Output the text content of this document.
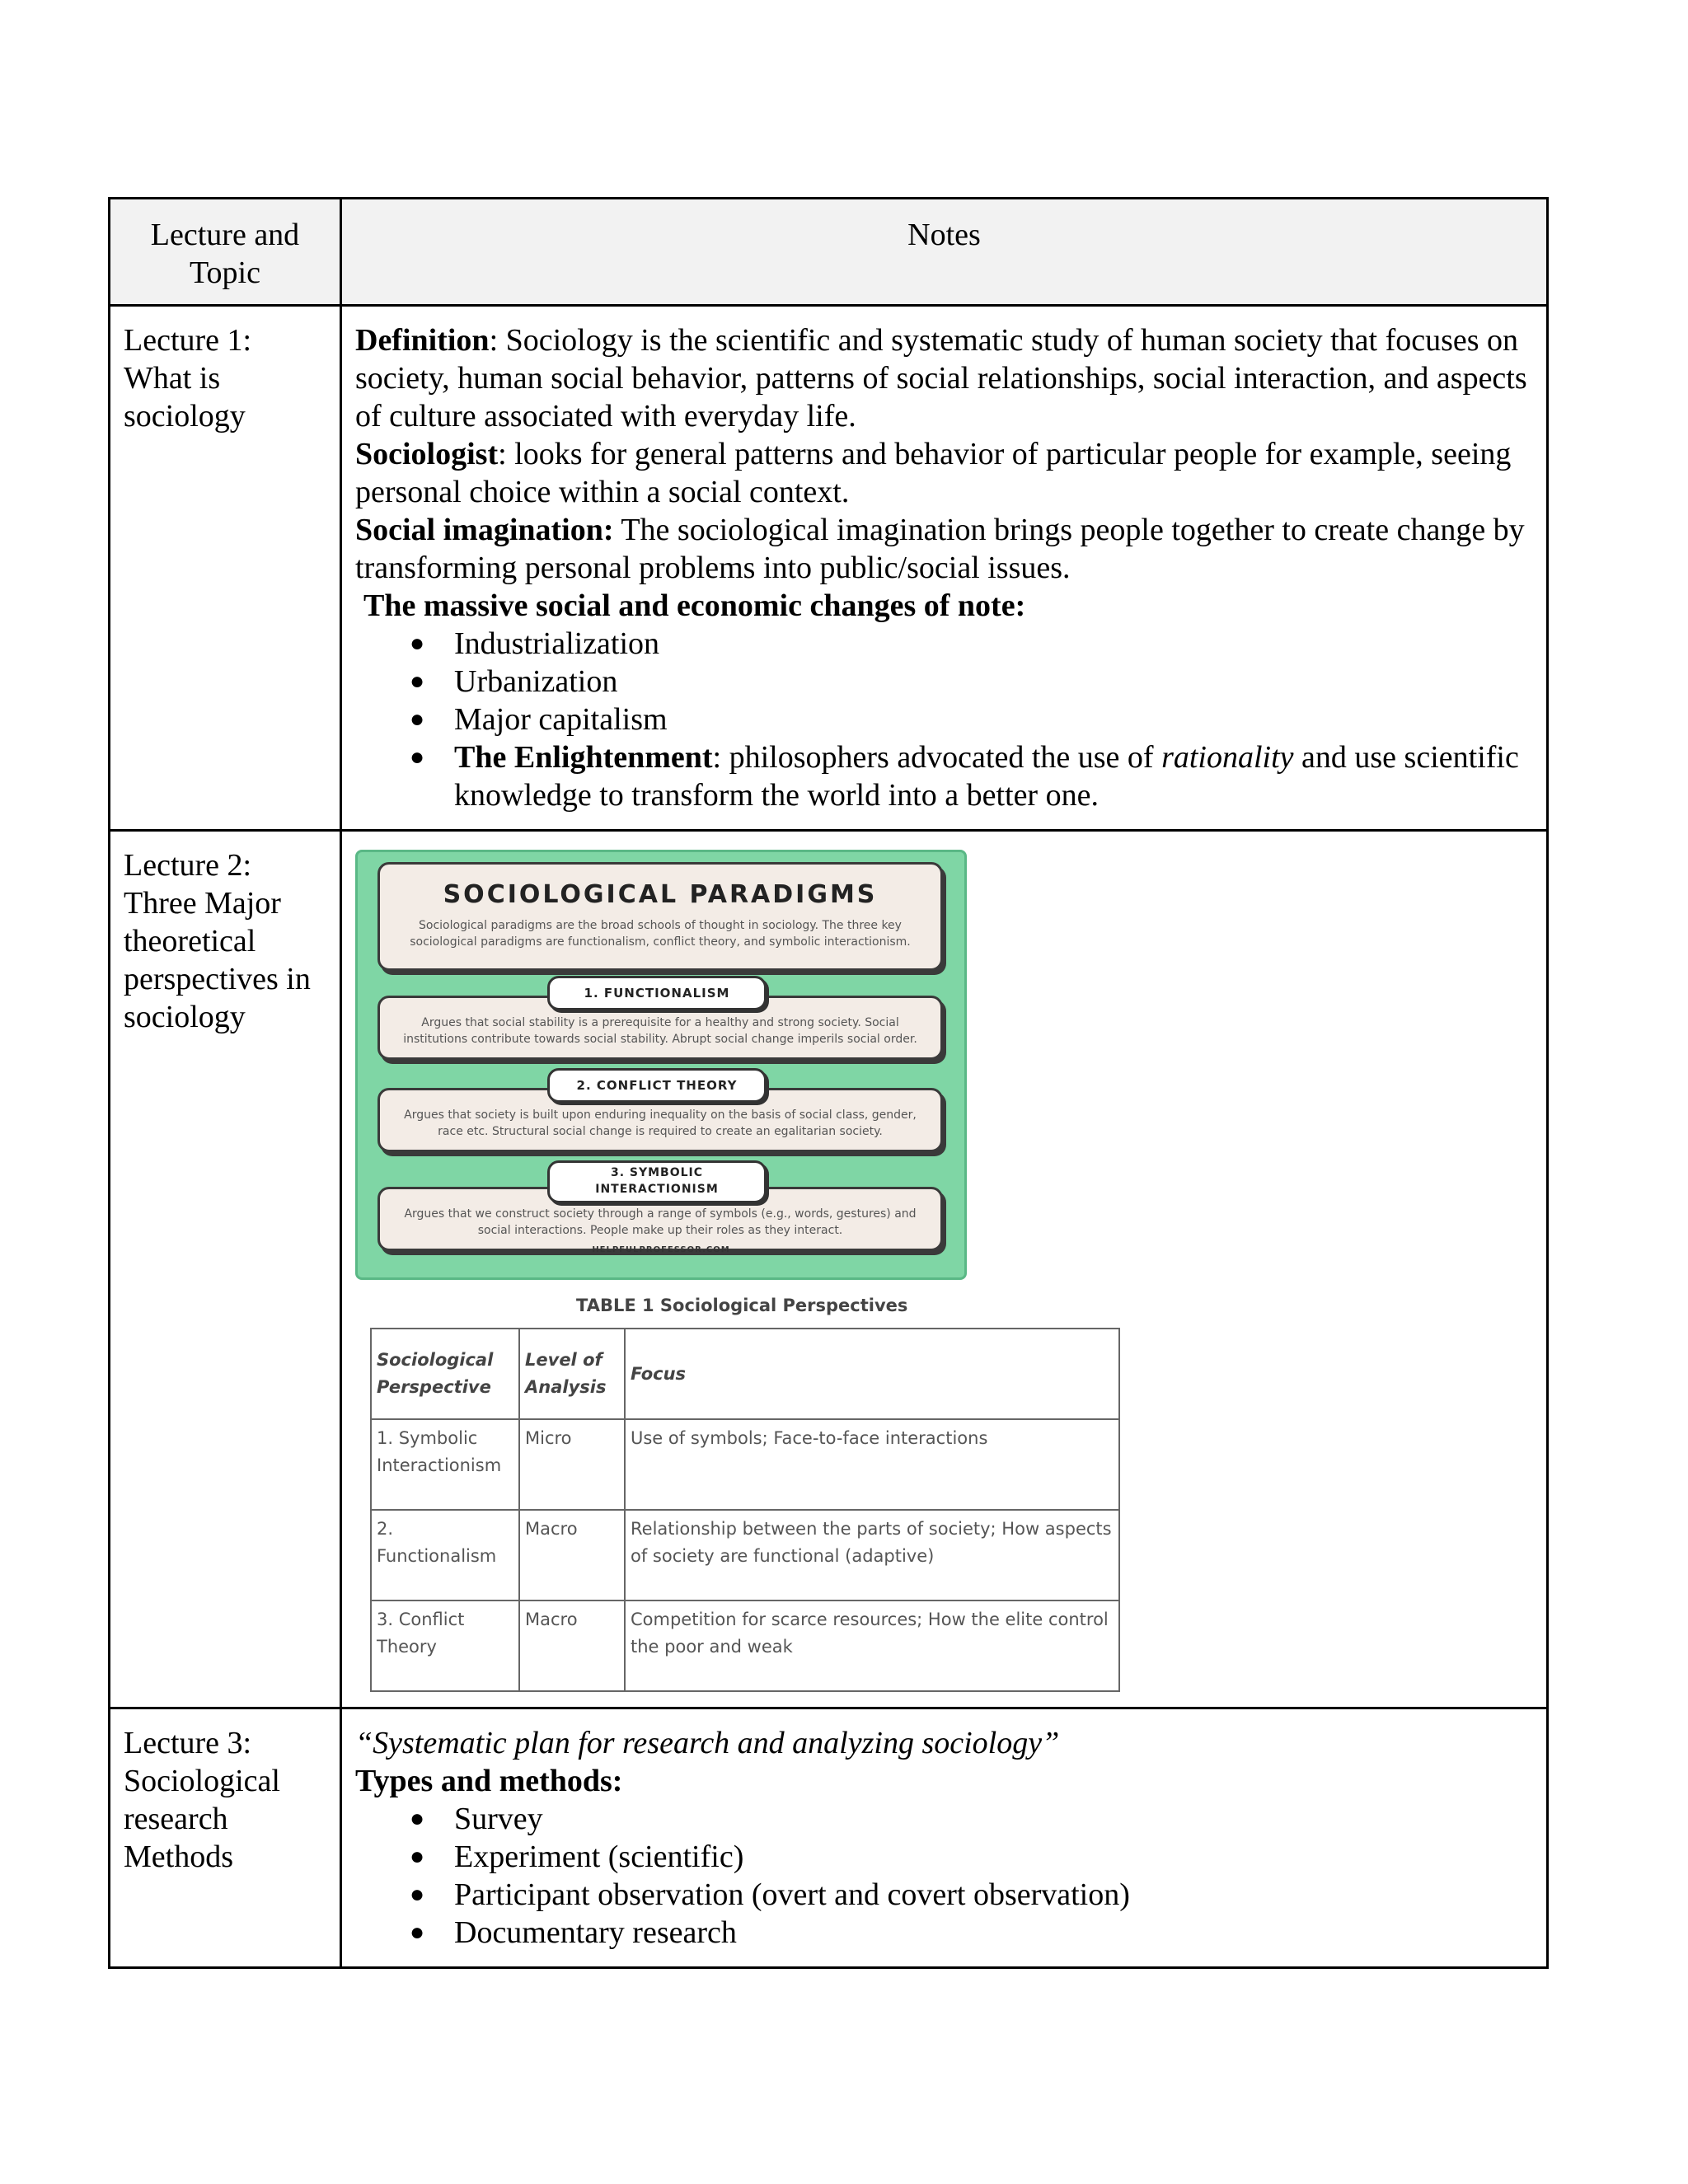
Lecture and Topic	Notes
Lecture 1: What is sociology	

Definition: Sociology is the scientific and systematic study of human society that focuses on society, human social behavior, patterns of social relationships, social interaction, and aspects of culture associated with everyday life.

Sociologist: looks for general patterns and behavior of particular people for example, seeing personal choice within a social context.

Social imagination: The sociological imagination brings people together to create change by transforming personal problems into public/social issues.

The massive social and economic changes of note:

● Industrialization
● Urbanization
● Major capitalism
● The Enlightenment: philosophers advocated the use of rationality and use scientific knowledge to transform the world into a better one.

Lecture 2: Three Major theoretical perspectives in sociology	
SOCIOLOGICAL PARADIGMS
Sociological paradigms are the broad schools of thought in sociology. The three key sociological paradigms are functionalism, conflict theory, and symbolic interactionism.
1. FUNCTIONALISM
Argues that social stability is a prerequisite for a healthy and strong society. Social institutions contribute towards social stability. Abrupt social change imperils social order.
2. CONFLICT THEORY
Argues that society is built upon enduring inequality on the basis of social class, gender, race etc. Structural social change is required to create an egalitarian society.
3. SYMBOLIC INTERACTIONISM
Argues that we construct society through a range of symbols (e.g., words, gestures) and social interactions. People make up their roles as they interact.
HELPFULPROFESSOR.COM
TABLE 1 Sociological Perspectives
Sociological Perspective	Level of Analysis	Focus
1. Symbolic Interactionism	Micro	Use of symbols; Face-to-face interactions
2. Functionalism	Macro	Relationship between the parts of society; How aspects of society are functional (adaptive)
3. Conflict Theory	Macro	Competition for scarce resources; How the elite control the poor and weak

Lecture 3: Sociological research Methods	

“Systematic plan for research and analyzing sociology”

Types and methods:

● Survey
● Experiment (scientific)
● Participant observation (overt and covert observation)
● Documentary research
